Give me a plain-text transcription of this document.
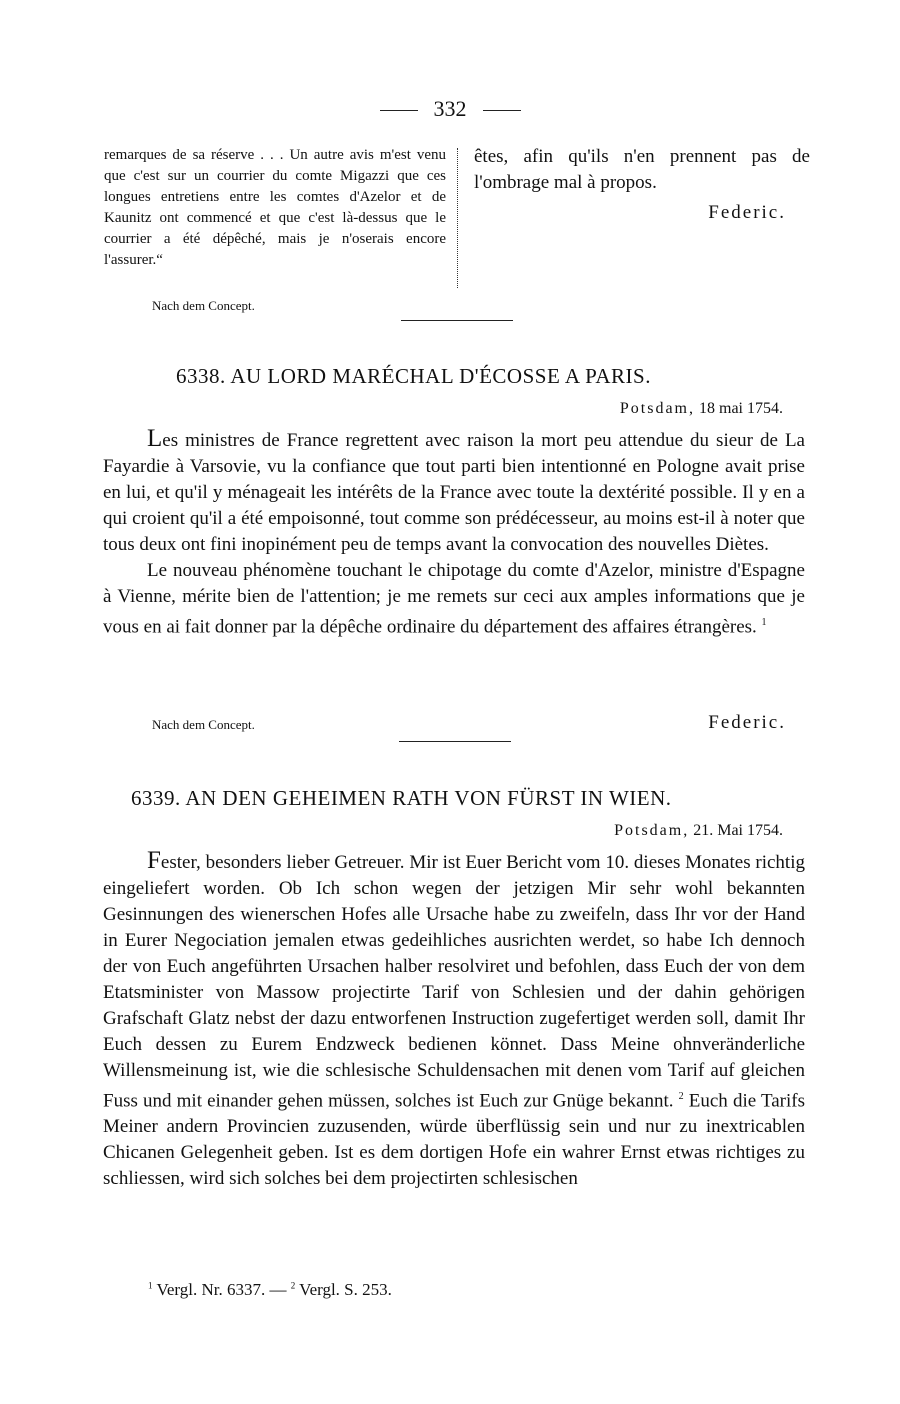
332

remarques de sa réserve . . . Un autre avis m'est venu que c'est sur un courrier du comte Migazzi que ces longues entretiens entre les comtes d'Azelor et de Kaunitz ont commencé et que c'est là-dessus que le courrier a été dépêché, mais je n'oserais encore l'assurer.“

Nach dem Concept.

êtes, afin qu'ils n'en prennent pas de l'ombrage mal à propos.

Federic.
6338. AU LORD MARÉCHAL D'ÉCOSSE A PARIS.
Potsdam, 18 mai 1754.

Les ministres de France regrettent avec raison la mort peu attendue du sieur de La Fayardie à Varsovie, vu la confiance que tout parti bien intentionné en Pologne avait prise en lui, et qu'il y ménageait les intérêts de la France avec toute la dextérité possible. Il y en a qui croient qu'il a été empoisonné, tout comme son prédécesseur, au moins est-il à noter que tous deux ont fini inopinément peu de temps avant la convocation des nouvelles Diètes.

Le nouveau phénomène touchant le chipotage du comte d'Azelor, ministre d'Espagne à Vienne, mérite bien de l'attention; je me remets sur ceci aux amples informations que je vous en ai fait donner par la dépêche ordinaire du département des affaires étrangères. $^1$

Nach dem Concept.	Federic.
6339. AN DEN GEHEIMEN RATH VON FÜRST IN WIEN.
Potsdam, 21. Mai 1754.

Fester, besonders lieber Getreuer. Mir ist Euer Bericht vom 10. dieses Monates richtig eingeliefert worden. Ob Ich schon wegen der jetzigen Mir sehr wohl bekannten Gesinnungen des wienerschen Hofes alle Ursache habe zu zweifeln, dass Ihr vor der Hand in Eurer Negociation jemalen etwas gedeihliches ausrichten werdet, so habe Ich dennoch der von Euch angeführten Ursachen halber resolviret und befohlen, dass Euch der von dem Etatsminister von Massow projectirte Tarif von Schlesien und der dahin gehörigen Grafschaft Glatz nebst der dazu entworfenen Instruction zugefertiget werden soll, damit Ihr Euch dessen zu Eurem Endzweck bedienen könnet. Dass Meine ohnveränderliche Willensmeinung ist, wie die schlesische Schuldensachen mit denen vom Tarif auf gleichen Fuss und mit einander gehen müssen, solches ist Euch zur Gnüge bekannt. $^2$ Euch die Tarifs Meiner andern Provincien zuzusenden, würde überflüssig sein und nur zu inextricablen Chicanen Gelegenheit geben. Ist es dem dortigen Hofe ein wahrer Ernst etwas richtiges zu schliessen, wird sich solches bei dem projectirten schlesischen

$^1$ Vergl. Nr. 6337. — $^2$ Vergl. S. 253.
